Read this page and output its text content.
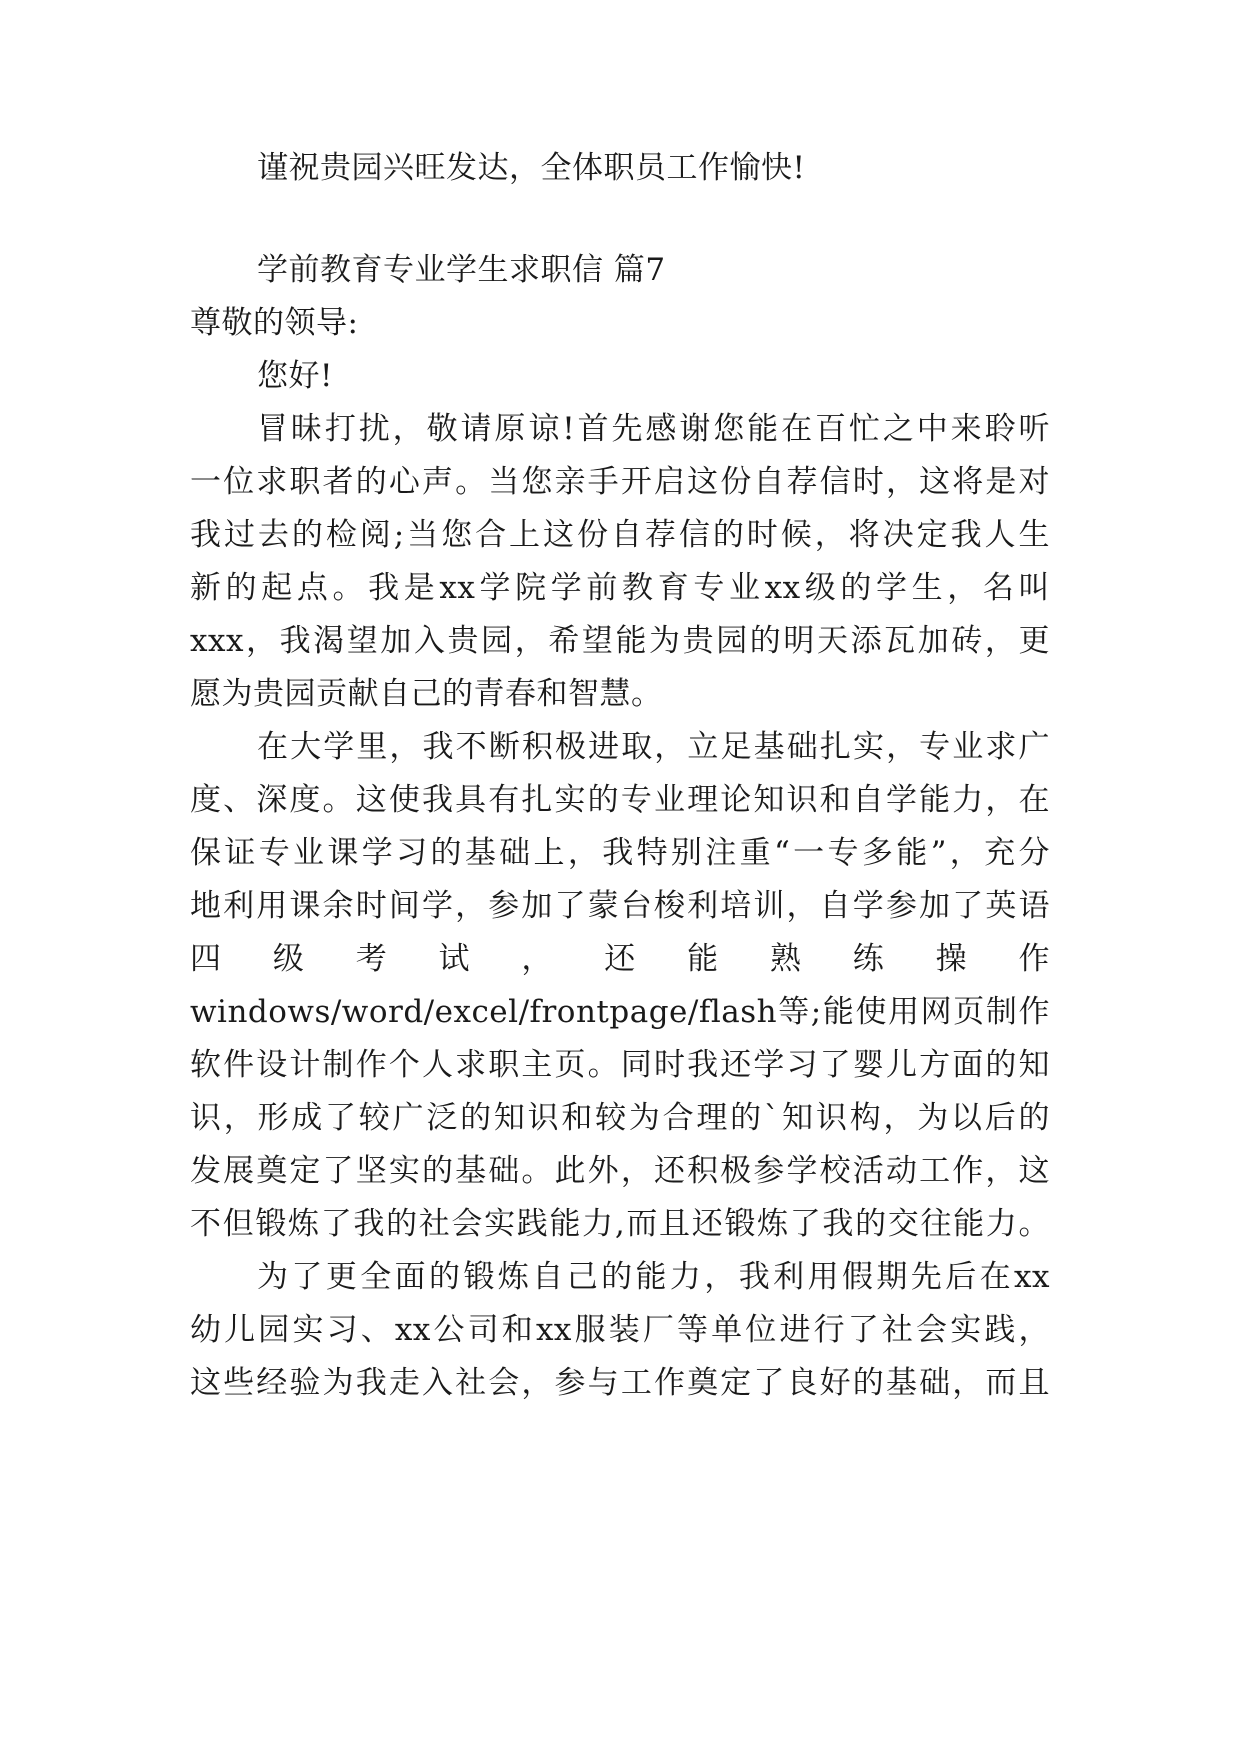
谨祝贵园兴旺发达，全体职员工作愉快!
学前教育专业学生求职信 篇7
尊敬的领导:
您好!
冒昧打扰，敬请原谅!首先感谢您能在百忙之中来聆听
一位求职者的心声。当您亲手开启这份自荐信时，这将是对
我过去的检阅;当您合上这份自荐信的时候，将决定我人生
新的起点。我是xx学院学前教育专业xx级的学生，名叫
xxx，我渴望加入贵园，希望能为贵园的明天添瓦加砖，更
愿为贵园贡献自己的青春和智慧。
在大学里，我不断积极进取，立足基础扎实，专业求广
度、深度。这使我具有扎实的专业理论知识和自学能力，在
保证专业课学习的基础上，我特别注重“一专多能”，充分
地利用课余时间学，参加了蒙台梭利培训，自学参加了英语
四 级 考 试 ， 还 能 熟 练 操 作
windows/word/excel/frontpage/flash等;能使用网页制作
软件设计制作个人求职主页。同时我还学习了婴儿方面的知
识，形成了较广泛的知识和较为合理的`知识构，为以后的
发展奠定了坚实的基础。此外，还积极参学校活动工作，这
不但锻炼了我的社会实践能力,而且还锻炼了我的交往能力。
为了更全面的锻炼自己的能力，我利用假期先后在xx
幼儿园实习、xx公司和xx服装厂等单位进行了社会实践，
这些经验为我走入社会，参与工作奠定了良好的基础，而且
